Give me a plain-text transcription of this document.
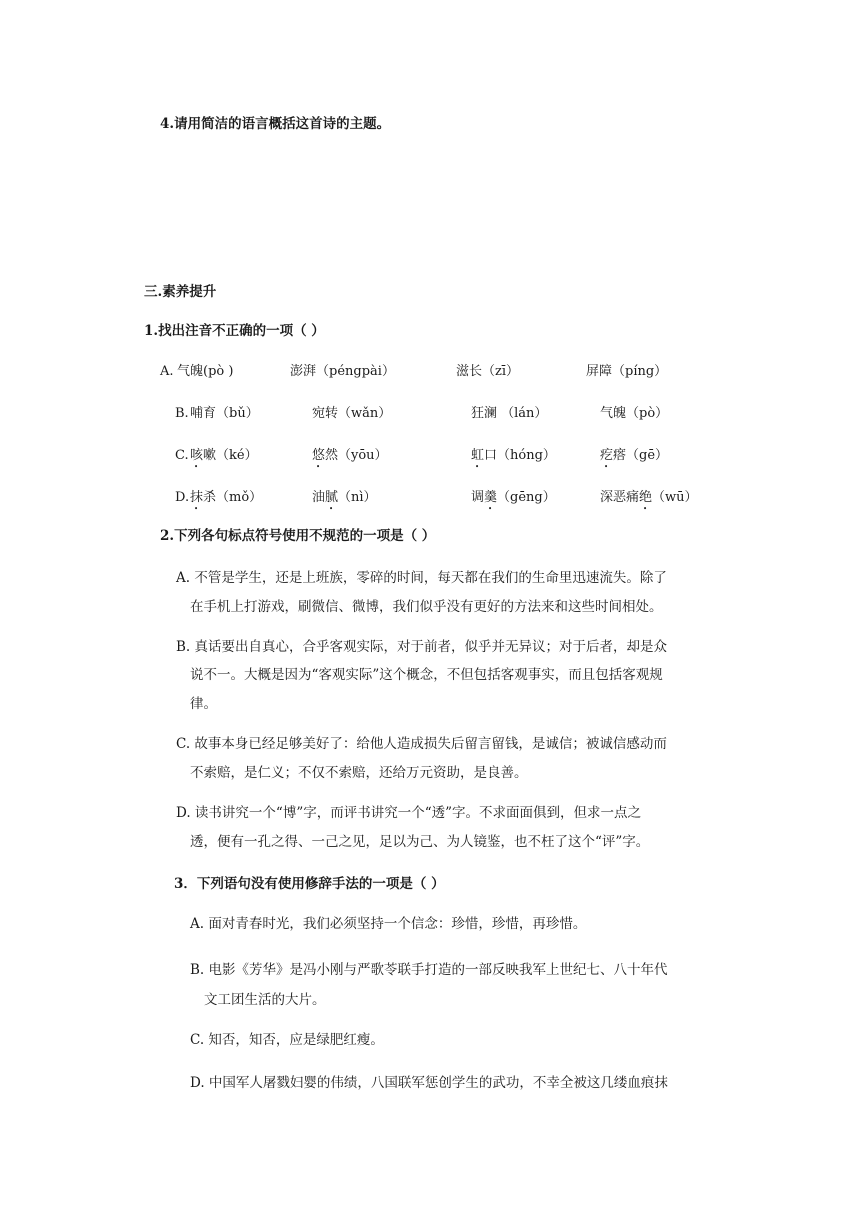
4.请用简洁的语言概括这首诗的主题。
三.素养提升
1.找出注音不正确的一项（ ）
A. 气魄(pò )	澎湃（péngpài）	滋长（zī）	屏障（píng）
B. 哺育（bǔ）	宛转（wǎn）	狂澜 （lán）	气魄（pò）
C. 咳嗽（ké）	悠然（yōu）	虹口（hóng）	疙瘩（gē）
D. 抹杀（mǒ）	油腻（nì）	调羹（gēng）	深恶痛绝（wū）
2.下列各句标点符号使用不规范的一项是（ ）
A. 不管是学生，还是上班族，零碎的时间，每天都在我们的生命里迅速流失。除了
在手机上打游戏，刷微信、微博，我们似乎没有更好的方法来和这些时间相处。
B. 真话要出自真心，合乎客观实际，对于前者，似乎并无异议；对于后者，却是众
说不一。大概是因为“客观实际”这个概念，不但包括客观事实，而且包括客观规
律。
C. 故事本身已经足够美好了：给他人造成损失后留言留钱，是诚信；被诚信感动而
不索赔，是仁义；不仅不索赔，还给万元资助，是良善。
D. 读书讲究一个“博”字，而评书讲究一个“透”字。不求面面俱到，但求一点之
透，便有一孔之得、一己之见，足以为己、为人镜鉴，也不枉了这个“评”字。
3．下列语句没有使用修辞手法的一项是（ ）
A. 面对青春时光，我们必须坚持一个信念：珍惜，珍惜，再珍惜。
B. 电影《芳华》是冯小刚与严歌苓联手打造的一部反映我军上世纪七、八十年代
文工团生活的大片。
C. 知否，知否，应是绿肥红瘦。
D. 中国军人屠戮妇婴的伟绩，八国联军惩创学生的武功，不幸全被这几缕血痕抹
